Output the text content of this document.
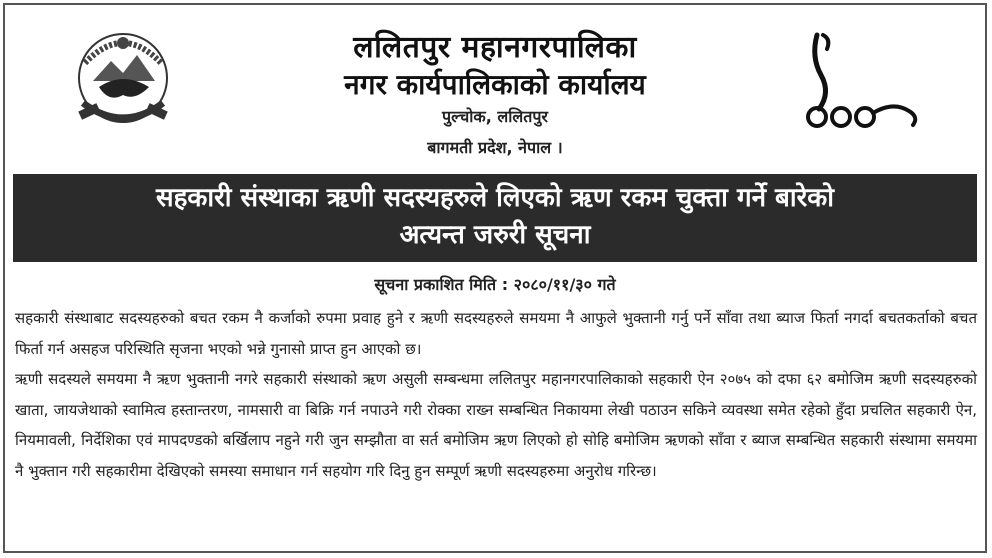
ललितपुर महानगरपालिका
नगर कार्यपालिकाको कार्यालय
पुल्चोक, ललितपुर
बागमती प्रदेश, नेपाल ।
सहकारी संस्थाका ऋणी सदस्यहरुले लिएको ऋण रकम चुक्ता गर्ने बारेको
अत्यन्त जरुरी सूचना
सूचना प्रकाशित मिति : २०८०/११/३० गते
सहकारी संस्थाबाट सदस्यहरुको बचत रकम नै कर्जाको रुपमा प्रवाह हुने र ऋणी सदस्यहरुले समयमा नै आफुले भुक्तानी गर्नु पर्ने साँवा तथा ब्याज फिर्ता नगर्दा बचतकर्ताको बचत फिर्ता गर्न असहज परिस्थिति सृजना भएको भन्ने गुनासो प्राप्त हुन आएको छ।
ऋणी सदस्यले समयमा नै ऋण भुक्तानी नगरे सहकारी संस्थाको ऋण असुली सम्बन्धमा ललितपुर महानगरपालिकाको सहकारी ऐन २०७५ को दफा ६२ बमोजिम ऋणी सदस्यहरुको खाता, जायजेथाको स्वामित्व हस्तान्तरण, नामसारी वा बिक्रि गर्न नपाउने गरी रोक्का राख्न सम्बन्धित निकायमा लेखी पठाउन सकिने व्यवस्था समेत रहेको हुँदा प्रचलित सहकारी ऐन, नियमावली, निर्देशिका एवं मापदण्डको बर्खिलाप नहुने गरी जुन सम्झौता वा सर्त बमोजिम ऋण लिएको हो सोहि बमोजिम ऋणको साँवा र ब्याज सम्बन्धित सहकारी संस्थामा समयमा नै भुक्तान गरी सहकारीमा देखिएको समस्या समाधान गर्न सहयोग गरि दिनु हुन सम्पूर्ण ऋणी सदस्यहरुमा अनुरोध गरिन्छ।
